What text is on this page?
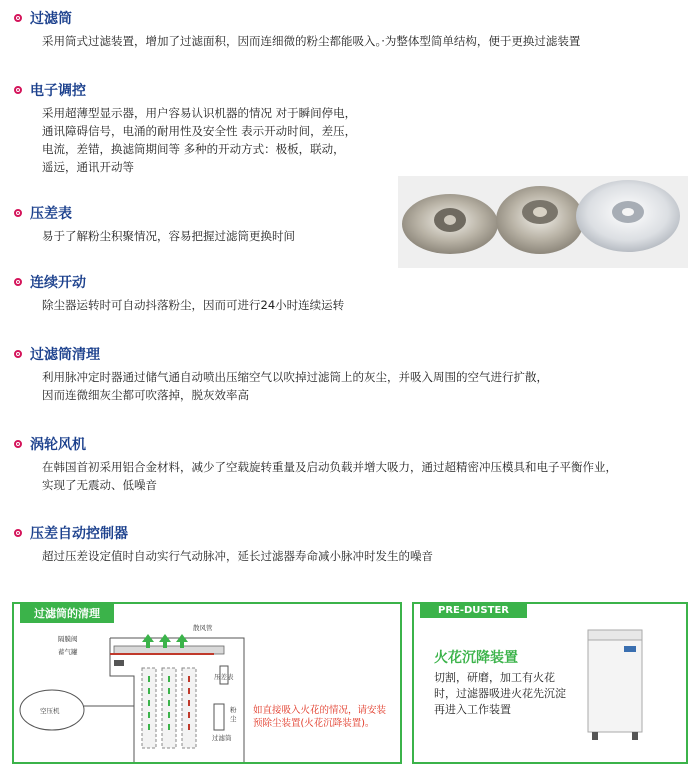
过滤筒
采用筒式过滤装置，增加了过滤面积，因而连细微的粉尘都能吸入。·为整体型简单结构，便于更换过滤装置
电子调控
采用超薄型显示器，用户容易认识机器的情况 对于瞬间停电，
通讯障碍信号，电涌的耐用性及安全性 表示开动时间，差压，
电流，差错，换滤筒期间等 多种的开动方式：极板，联动，
遥远，通讯开动等
压差表
易于了解粉尘积聚情况，容易把握过滤筒更换时间
连续开动
除尘器运转时可自动抖落粉尘，因而可进行24小时连续运转
过滤筒清理
利用脉冲定时器通过储气通自动喷出压缩空气以吹掉过滤筒上的灰尘，并吸入周围的空气进行扩散，
因而连微细灰尘都可吹落掉，脱灰效率高
涡轮风机
在韩国首初采用铝合金材料，减少了空载旋转重量及启动负载并增大吸力，通过超精密冲压模具和电子平衡作业，
实现了无震动、低噪音
压差自动控制器
超过压差设定值时自动实行气动脉冲，延长过滤器寿命减小脉冲时发生的噪音
过滤筒的清理
隔膜阀
蓄气罐
散风管
压差表
空压机
过滤筒
粉尘
如直接吸入火花的情况，请安装预除尘装置(火花沉降装置)。
PRE-DUSTER
火花沉降装置
切割，研磨，加工有火花时，过滤器吸进火花先沉淀再进入工作装置
